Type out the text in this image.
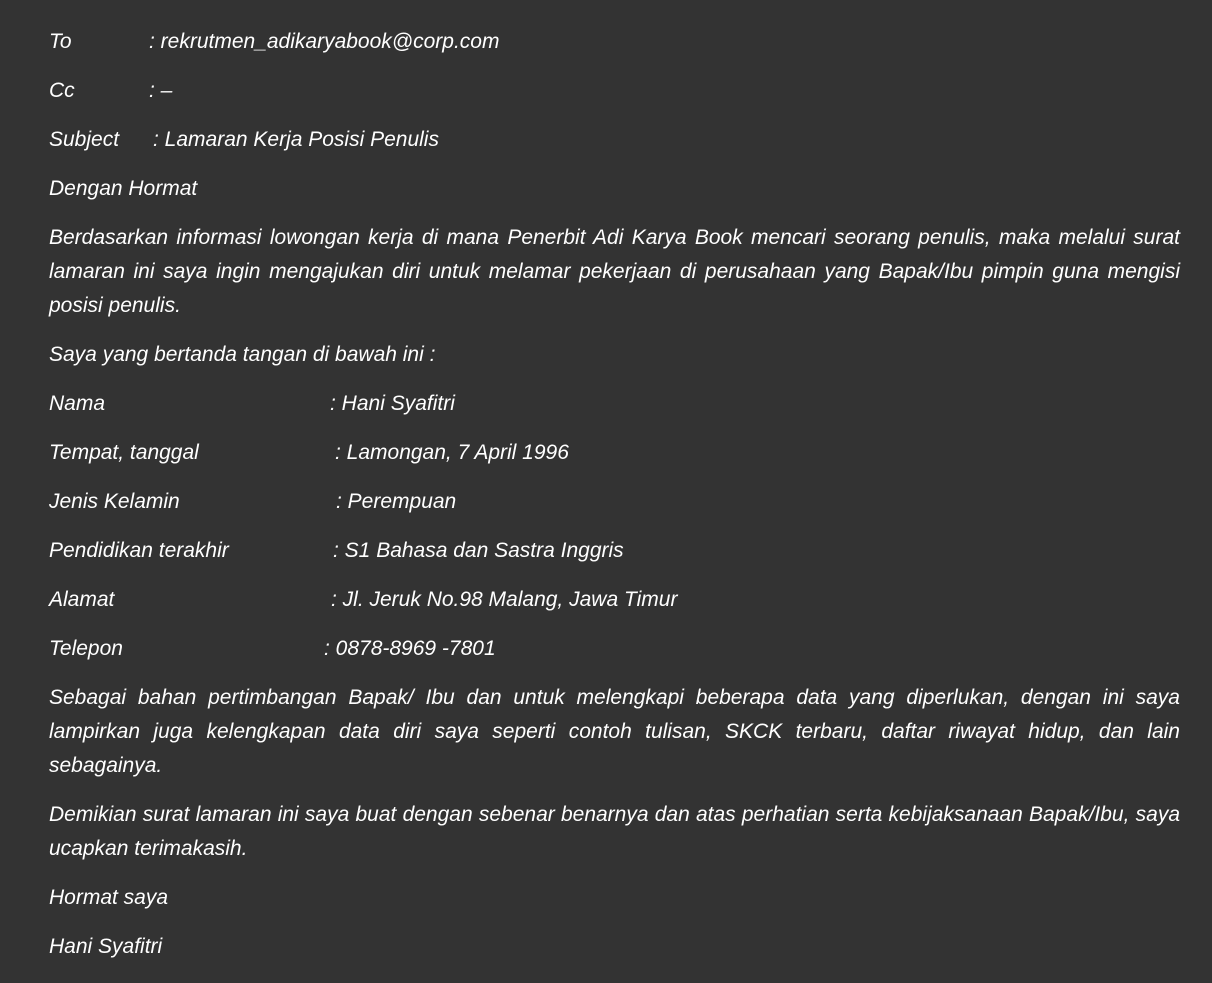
To	: rekrutmen_adikaryabook@corp.com
Cc	: –
Subject : Lamaran Kerja Posisi Penulis
Dengan Hormat
Berdasarkan informasi lowongan kerja di mana Penerbit Adi Karya Book mencari seorang penulis, maka melalui surat lamaran ini saya ingin mengajukan diri untuk melamar pekerjaan di perusahaan yang Bapak/Ibu pimpin guna mengisi posisi penulis.
Saya yang bertanda tangan di bawah ini :
Nama	: Hani Syafitri
Tempat, tanggal	: Lamongan, 7 April 1996
Jenis Kelamin	: Perempuan
Pendidikan terakhir	: S1 Bahasa dan Sastra Inggris
Alamat	: Jl. Jeruk No.98 Malang, Jawa Timur
Telepon	: 0878-8969 -7801
Sebagai bahan pertimbangan Bapak/ Ibu dan untuk melengkapi beberapa data yang diperlukan, dengan ini saya lampirkan juga kelengkapan data diri saya seperti contoh tulisan, SKCK terbaru, daftar riwayat hidup, dan lain sebagainya.
Demikian surat lamaran ini saya buat dengan sebenar benarnya dan atas perhatian serta kebijaksanaan Bapak/Ibu, saya ucapkan terimakasih.
Hormat saya
Hani Syafitri
